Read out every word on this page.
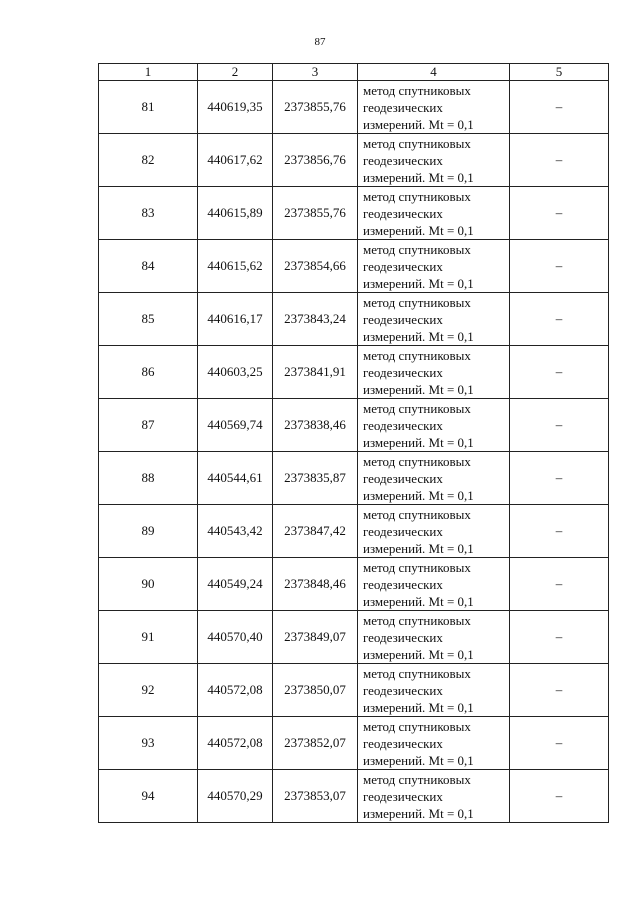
87
1	2	3	4	5
81	440619,35	2373855,76	метод спутниковых
геодезических
измерений. Mt = 0,1	–
82	440617,62	2373856,76	метод спутниковых
геодезических
измерений. Mt = 0,1	–
83	440615,89	2373855,76	метод спутниковых
геодезических
измерений. Mt = 0,1	–
84	440615,62	2373854,66	метод спутниковых
геодезических
измерений. Mt = 0,1	–
85	440616,17	2373843,24	метод спутниковых
геодезических
измерений. Mt = 0,1	–
86	440603,25	2373841,91	метод спутниковых
геодезических
измерений. Mt = 0,1	–
87	440569,74	2373838,46	метод спутниковых
геодезических
измерений. Mt = 0,1	–
88	440544,61	2373835,87	метод спутниковых
геодезических
измерений. Mt = 0,1	–
89	440543,42	2373847,42	метод спутниковых
геодезических
измерений. Mt = 0,1	–
90	440549,24	2373848,46	метод спутниковых
геодезических
измерений. Mt = 0,1	–
91	440570,40	2373849,07	метод спутниковых
геодезических
измерений. Mt = 0,1	–
92	440572,08	2373850,07	метод спутниковых
геодезических
измерений. Mt = 0,1	–
93	440572,08	2373852,07	метод спутниковых
геодезических
измерений. Mt = 0,1	–
94	440570,29	2373853,07	метод спутниковых
геодезических
измерений. Mt = 0,1	–
